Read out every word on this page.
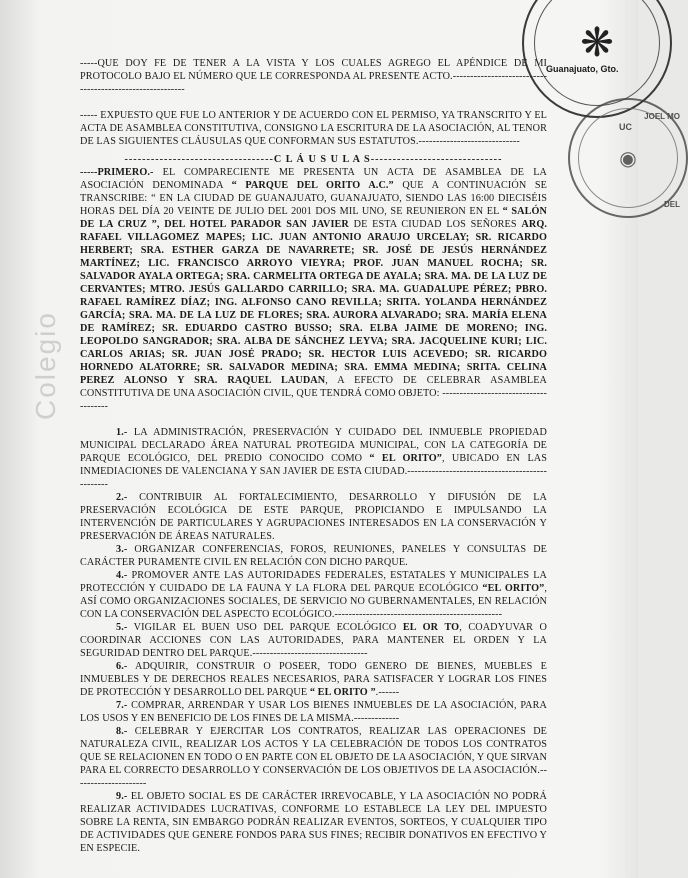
❋
Guanajuato, Gto.
◉
UC
JOEL MO
DEL
Colegio

-----QUE DOY FE DE TENER A LA VISTA Y LOS CUALES AGREGO EL APÉNDICE DE MI PROTOCOLO BAJO EL NÚMERO QUE LE CORRESPONDA AL PRESENTE ACTO.---------------------------------------------------------

----- EXPUESTO QUE FUE LO ANTERIOR Y DE ACUERDO CON EL PERMISO, YA TRANSCRITO Y EL ACTA DE ASAMBLEA CONSTITUTIVA, CONSIGNO LA ESCRITURA DE LA ASOCIACIÓN, AL TENOR DE LAS SIGUIENTES CLÁUSULAS QUE CONFORMAN SUS ESTATUTOS.-----------------------------

----------------------------------C L Á U S U L A S------------------------------

-----PRIMERO.- EL COMPARECIENTE ME PRESENTA UN ACTA DE ASAMBLEA DE LA ASOCIACIÓN DENOMINADA “ PARQUE DEL ORITO A.C.” QUE A CONTINUACIÓN SE TRANSCRIBE: “ EN LA CIUDAD DE GUANAJUATO, GUANAJUATO, SIENDO LAS 16:00 DIECISÉIS HORAS DEL DÍA 20 VEINTE DE JULIO DEL 2001 DOS MIL UNO, SE REUNIERON EN EL “ SALÓN DE LA CRUZ ”, DEL HOTEL PARADOR SAN JAVIER DE ESTA CIUDAD LOS SEÑORES ARQ. RAFAEL VILLAGOMEZ MAPES; LIC. JUAN ANTONIO ARAUJO URCELAY; SR. RICARDO HERBERT; SRA. ESTHER GARZA DE NAVARRETE; SR. JOSÉ DE JESÚS HERNÁNDEZ MARTÍNEZ; LIC. FRANCISCO ARROYO VIEYRA; PROF. JUAN MANUEL ROCHA; SR. SALVADOR AYALA ORTEGA; SRA. CARMELITA ORTEGA DE AYALA; SRA. MA. DE LA LUZ DE CERVANTES; MTRO. JESÚS GALLARDO CARRILLO; SRA. MA. GUADALUPE PÉREZ; PBRO. RAFAEL RAMÍREZ DÍAZ; ING. ALFONSO CANO REVILLA; SRITA. YOLANDA HERNÁNDEZ GARCÍA; SRA. MA. DE LA LUZ DE FLORES; SRA. AURORA ALVARADO; SRA. MARÍA ELENA DE RAMÍREZ; SR. EDUARDO CASTRO BUSSO; SRA. ELBA JAIME DE MORENO; ING. LEOPOLDO SANGRADOR; SRA. ALBA DE SÁNCHEZ LEYVA; SRA. JACQUELINE KURI; LIC. CARLOS ARIAS; SR. JUAN JOSÉ PRADO; SR. HECTOR LUIS ACEVEDO; SR. RICARDO HORNEDO ALATORRE; SR. SALVADOR MEDINA; SRA. EMMA MEDINA; SRITA. CELINA PEREZ ALONSO Y SRA. RAQUEL LAUDAN, A EFECTO DE CELEBRAR ASAMBLEA CONSTITUTIVA DE UNA ASOCIACIÓN CIVIL, QUE TENDRÁ COMO OBJETO: --------------------------------------

1.- LA ADMINISTRACIÓN, PRESERVACIÓN Y CUIDADO DEL INMUEBLE PROPIEDAD MUNICIPAL DECLARADO ÁREA NATURAL PROTEGIDA MUNICIPAL, CON LA CATEGORÍA DE PARQUE ECOLÓGICO, DEL PREDIO CONOCIDO COMO “ EL ORITO”, UBICADO EN LAS INMEDIACIONES DE VALENCIANA Y SAN JAVIER DE ESTA CIUDAD.------------------------------------------------

2.- CONTRIBUIR AL FORTALECIMIENTO, DESARROLLO Y DIFUSIÓN DE LA PRESERVACIÓN ECOLÓGICA DE ESTE PARQUE, PROPICIANDO E IMPULSANDO LA INTERVENCIÓN DE PARTICULARES Y AGRUPACIONES INTERESADOS EN LA CONSERVACIÓN Y PRESERVACIÓN DE ÁREAS NATURALES.

3.- ORGANIZAR CONFERENCIAS, FOROS, REUNIONES, PANELES Y CONSULTAS DE CARÁCTER PURAMENTE CIVIL EN RELACIÓN CON DICHO PARQUE.

4.- PROMOVER ANTE LAS AUTORIDADES FEDERALES, ESTATALES Y MUNICIPALES LA PROTECCIÓN Y CUIDADO DE LA FAUNA Y LA FLORA DEL PARQUE ECOLÓGICO “EL ORITO”, ASÍ COMO ORGANIZACIONES SOCIALES, DE SERVICIO NO GUBERNAMENTALES, EN RELACIÓN CON LA CONSERVACIÓN DEL ASPECTO ECOLÓGICO.------------------------------------------------

5.- VIGILAR EL BUEN USO DEL PARQUE ECOLÓGICO EL OR TO, COADYUVAR O COORDINAR ACCIONES CON LAS AUTORIDADES, PARA MANTENER EL ORDEN Y LA SEGURIDAD DENTRO DEL PARQUE.---------------------------------

6.- ADQUIRIR, CONSTRUIR O POSEER, TODO GENERO DE BIENES, MUEBLES E INMUEBLES Y DE DERECHOS REALES NECESARIOS, PARA SATISFACER Y LOGRAR LOS FINES DE PROTECCIÓN Y DESARROLLO DEL PARQUE “ EL ORITO ”.------

7.- COMPRAR, ARRENDAR Y USAR LOS BIENES INMUEBLES DE LA ASOCIACIÓN, PARA LOS USOS Y EN BENEFICIO DE LOS FINES DE LA MISMA.-------------

8.- CELEBRAR Y EJERCITAR LOS CONTRATOS, REALIZAR LAS OPERACIONES DE NATURALEZA CIVIL, REALIZAR LOS ACTOS Y LA CELEBRACIÓN DE TODOS LOS CONTRATOS QUE SE RELACIONEN EN TODO O EN PARTE CON EL OBJETO DE LA ASOCIACIÓN, Y QUE SIRVAN PARA EL CORRECTO DESARROLLO Y CONSERVACIÓN DE LOS OBJETIVOS DE LA ASOCIACIÓN.---------------------

9.- EL OBJETO SOCIAL ES DE CARÁCTER IRREVOCABLE, Y LA ASOCIACIÓN NO PODRÁ REALIZAR ACTIVIDADES LUCRATIVAS, CONFORME LO ESTABLECE LA LEY DEL IMPUESTO SOBRE LA RENTA, SIN EMBARGO PODRÁN REALIZAR EVENTOS, SORTEOS, Y CUALQUIER TIPO DE ACTIVIDADES QUE GENERE FONDOS PARA SUS FINES; RECIBIR DONATIVOS EN EFECTIVO Y EN ESPECIE.
